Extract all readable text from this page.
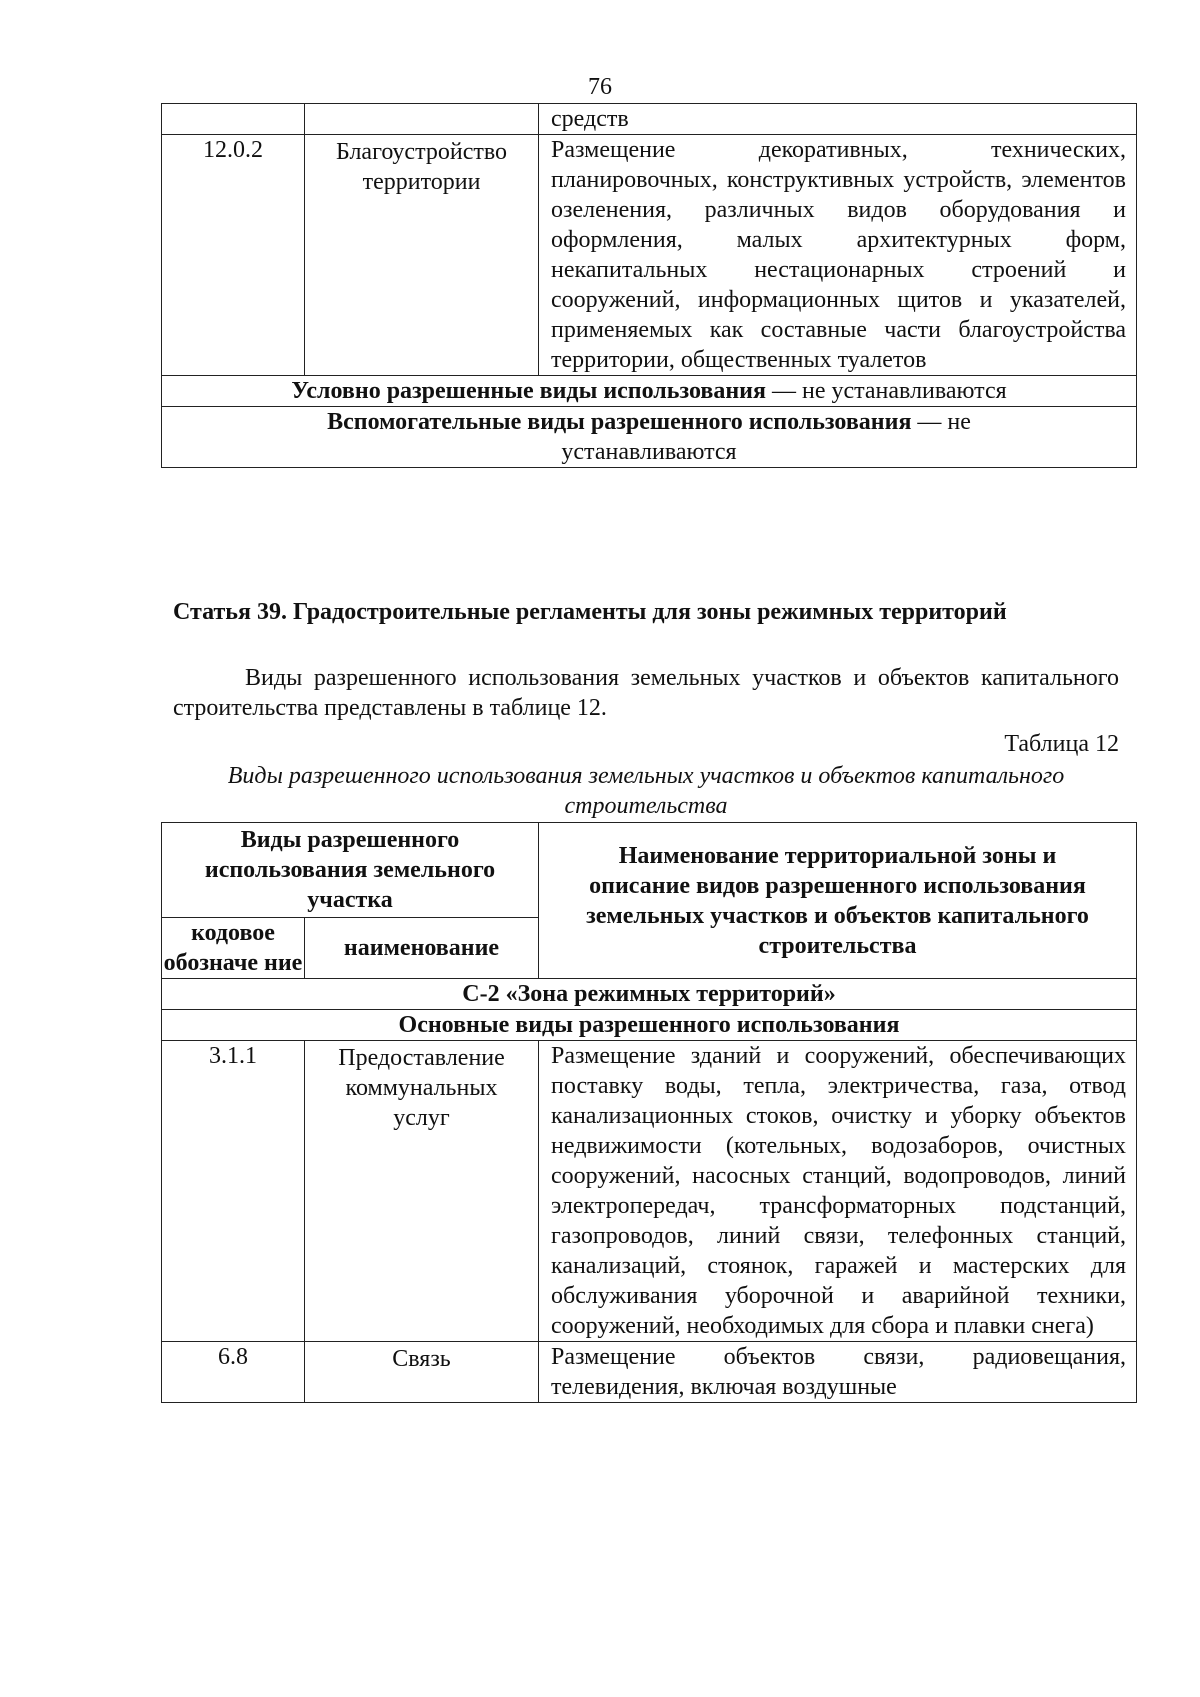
76
		средств
12.0.2	Благоустройство территории	Размещение декоративных, технических, планировочных, конструктивных устройств, элементов озеленения, различных видов оборудования и оформления, малых архитектурных форм, некапитальных нестационарных строений и сооружений, информационных щитов и указателей, применяемых как составные части благоустройства территории, общественных туалетов
Условно разрешенные виды использования — не устанавливаются		
Вспомогательные виды разрешенного использования — не устанавливаются		
Статья 39. Градостроительные регламенты для зоны режимных территорий
Виды разрешенного использования земельных участков и объектов капитального строительства представлены в таблице 12.
Таблица 12
Виды разрешенного использования земельных участков и объектов капитального строительства
Виды разрешенного использования земельного участка		Наименование территориальной зоны и описание видов разрешенного использования земельных участков и объектов капитального строительства
кодовое обозначе ние	наименование	
С-2 «Зона режимных территорий»		
Основные виды разрешенного использования		
3.1.1	Предоставление коммунальных услуг	Размещение зданий и сооружений, обеспечивающих поставку воды, тепла, электричества, газа, отвод канализационных стоков, очистку и уборку объектов недвижимости (котельных, водозаборов, очистных сооружений, насосных станций, водопроводов, линий электропередач, трансформаторных подстанций, газопроводов, линий связи, телефонных станций, канализаций, стоянок, гаражей и мастерских для обслуживания уборочной и аварийной техники, сооружений, необходимых для сбора и плавки снега)
6.8	Связь	Размещение объектов связи, радиовещания, телевидения, включая воздушные
